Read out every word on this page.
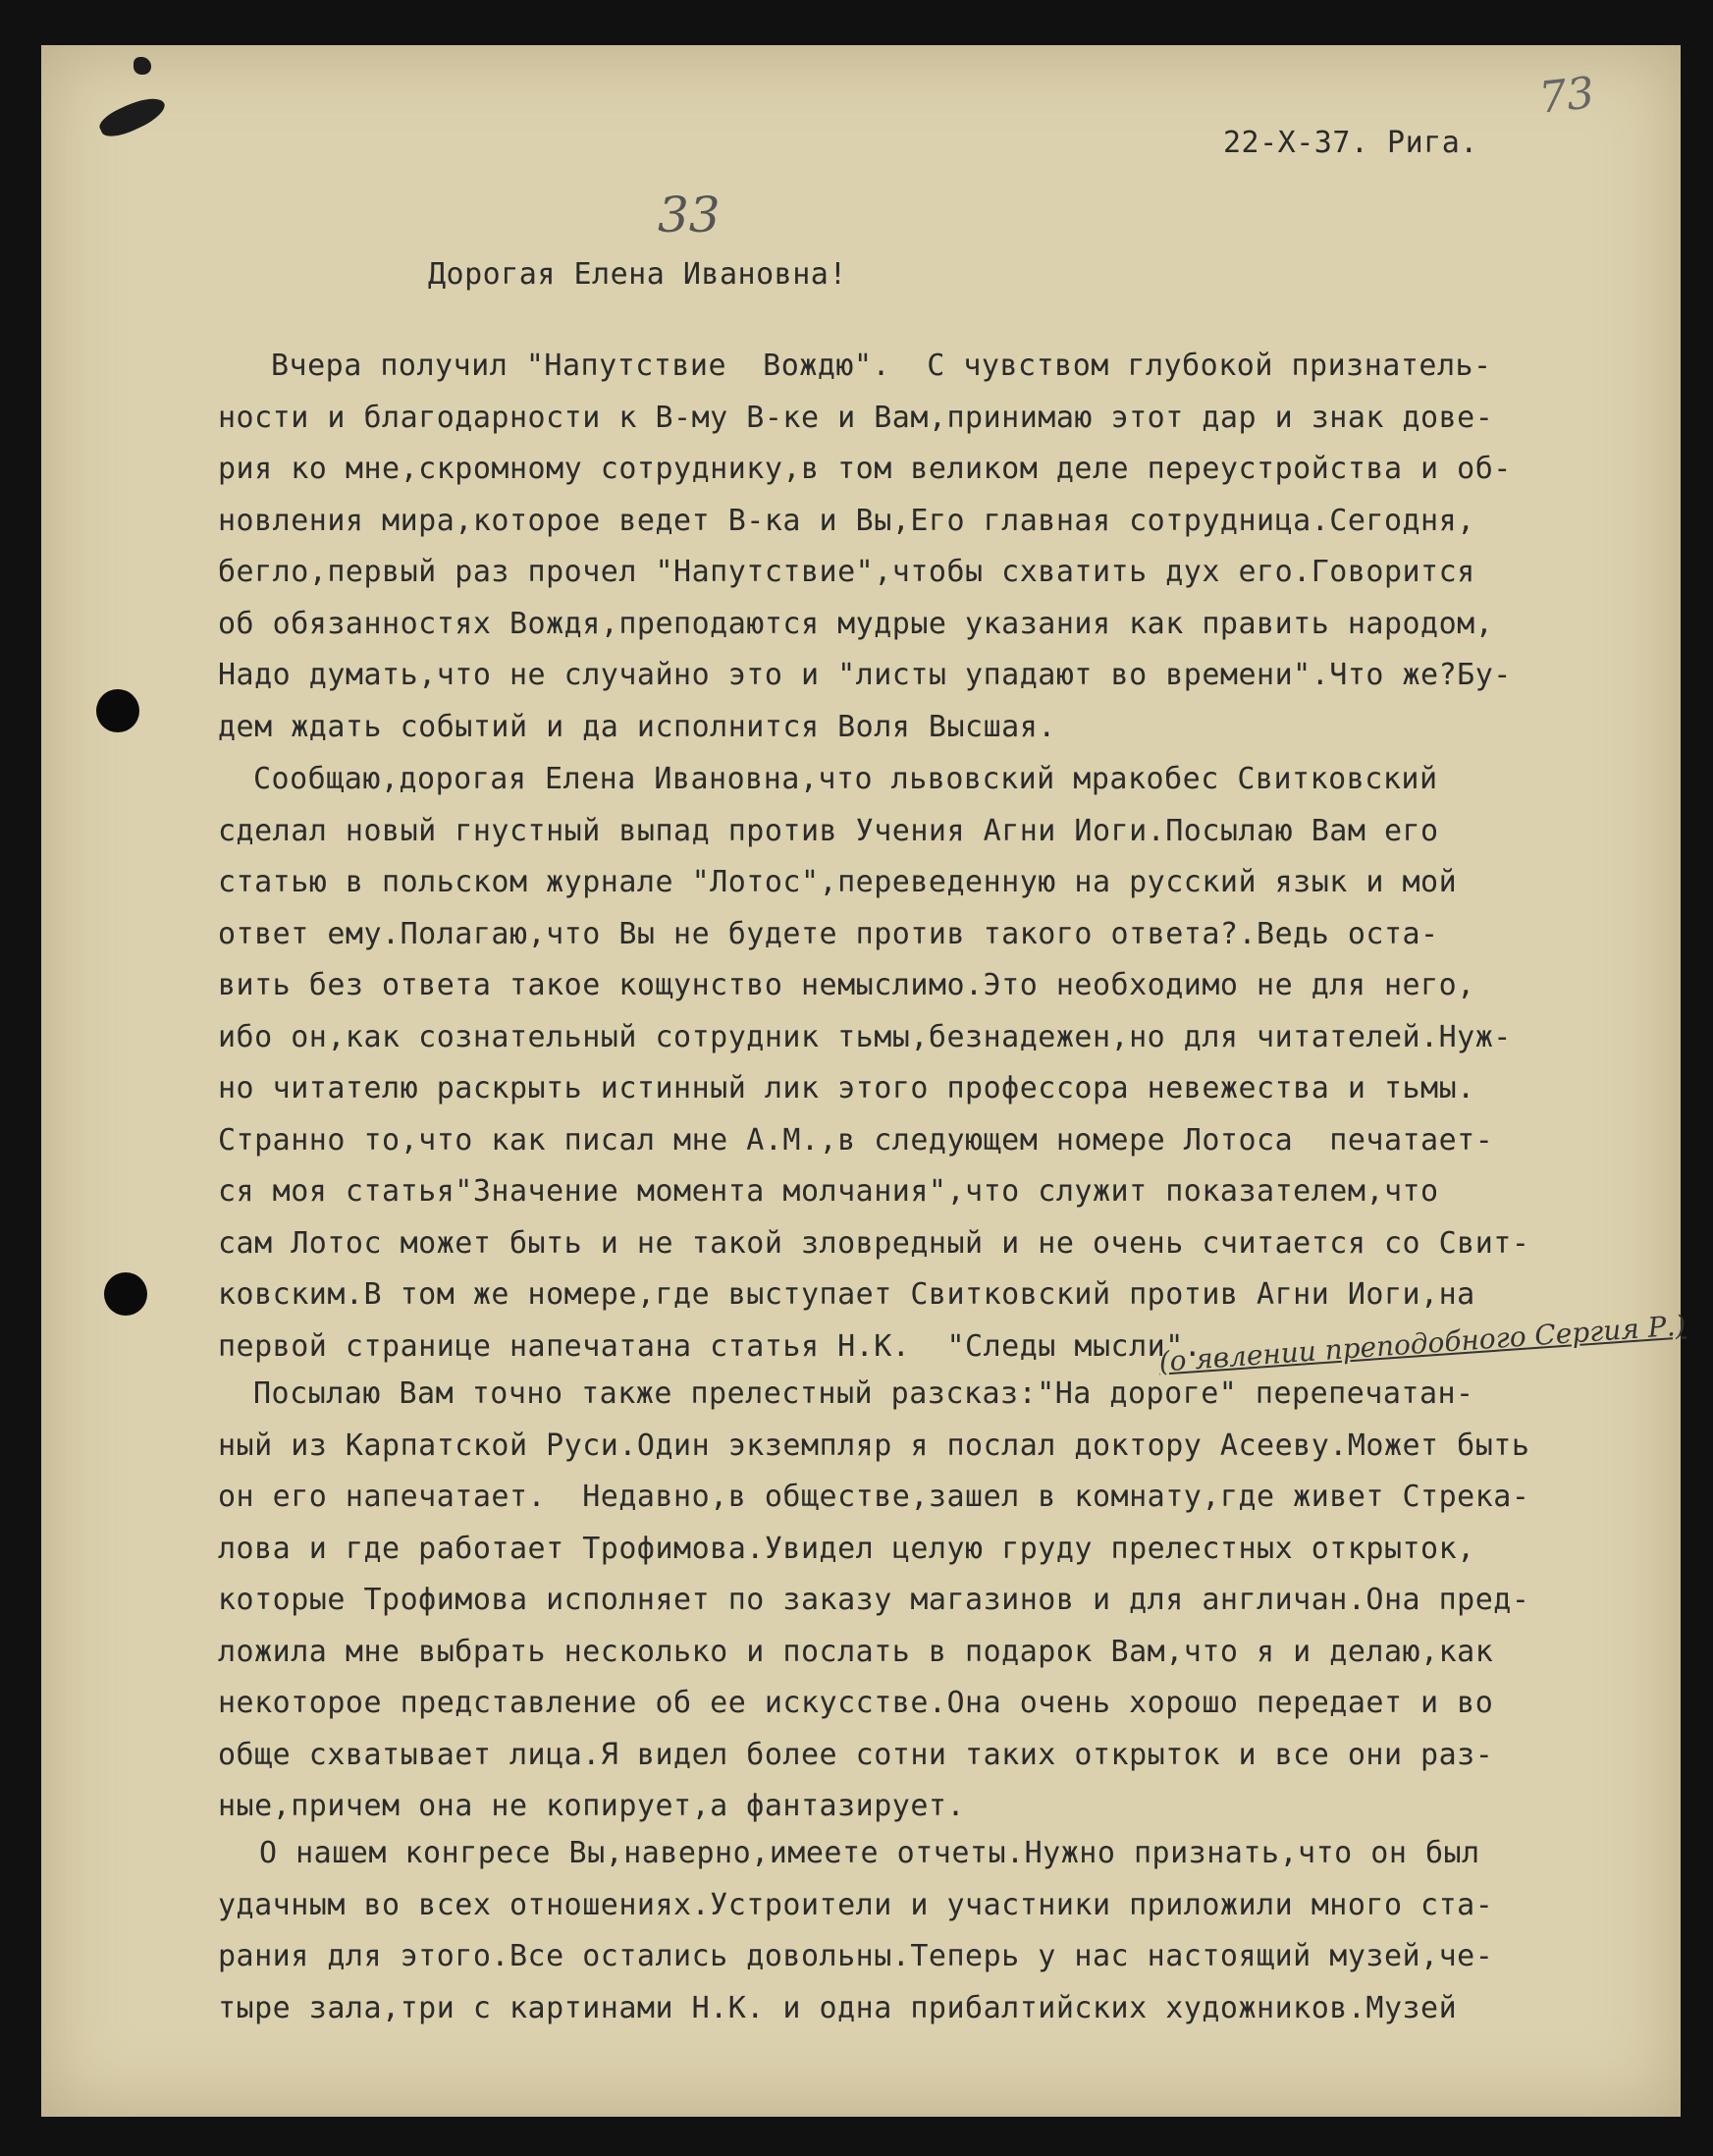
73
33
22-X-37. Рига.
Дорогая Елена Ивановна!
Вчера получил "Напутствие  Вождю".  С чувством глубокой признатель-
ности и благодарности к В-му В-ке и Вам,принимаю этот дар и знак дове-
рия ко мне,скромному сотруднику,в том великом деле переустройства и об-
новления мира,которое ведет В-ка и Вы,Его главная сотрудница.Сегодня,
бегло,первый раз прочел "Напутствие",чтобы схватить дух его.Говорится
об обязанностях Вождя,преподаются мудрые указания как править народом,
Надо думать,что не случайно это и "листы упадают во времени".Что же?Бу-
дем ждать событий и да исполнится Воля Высшая.
Сообщаю,дорогая Елена Ивановна,что львовский мракобес Свитковский
сделал новый гнустный выпад против Учения Агни Иоги.Посылаю Вам его
статью в польском журнале "Лотос",переведенную на русский язык и мой
ответ ему.Полагаю,что Вы не будете против такого ответа?.Ведь оста-
вить без ответа такое кощунство немыслимо.Это необходимо не для него,
ибо он,как сознательный сотрудник тьмы,безнадежен,но для читателей.Нуж-
но читателю раскрыть истинный лик этого профессора невежества и тьмы.
Странно то,что как писал мне А.М.,в следующем номере Лотоса  печатает-
ся моя статья"Значение момента молчания",что служит показателем,что
сам Лотос может быть и не такой зловредный и не очень считается со Свит-
ковским.В том же номере,где выступает Свитковский против Агни Иоги,на
первой странице напечатана статья Н.К.  "Следы мысли".
Посылаю Вам точно также прелестный разсказ:"На дороге" перепечатан-
ный из Карпатской Руси.Один экземпляр я послал доктору Асееву.Может быть
он его напечатает.  Недавно,в обществе,зашел в комнату,где живет Стрека-
лова и где работает Трофимова.Увидел целую груду прелестных открыток,
которые Трофимова исполняет по заказу магазинов и для англичан.Она пред-
ложила мне выбрать несколько и послать в подарок Вам,что я и делаю,как
некоторое представление об ее искусстве.Она очень хорошо передает и во
обще схватывает лица.Я видел более сотни таких открыток и все они раз-
ные,причем она не копирует,а фантазирует.
О нашем конгресе Вы,наверно,имеете отчеты.Нужно признать,что он был
удачным во всех отношениях.Устроители и участники приложили много ста-
рания для этого.Все остались довольны.Теперь у нас настоящий музей,че-
тыре зала,три с картинами Н.К. и одна прибалтийских художников.Музей
(о явлении преподобного Сергия Р.)
